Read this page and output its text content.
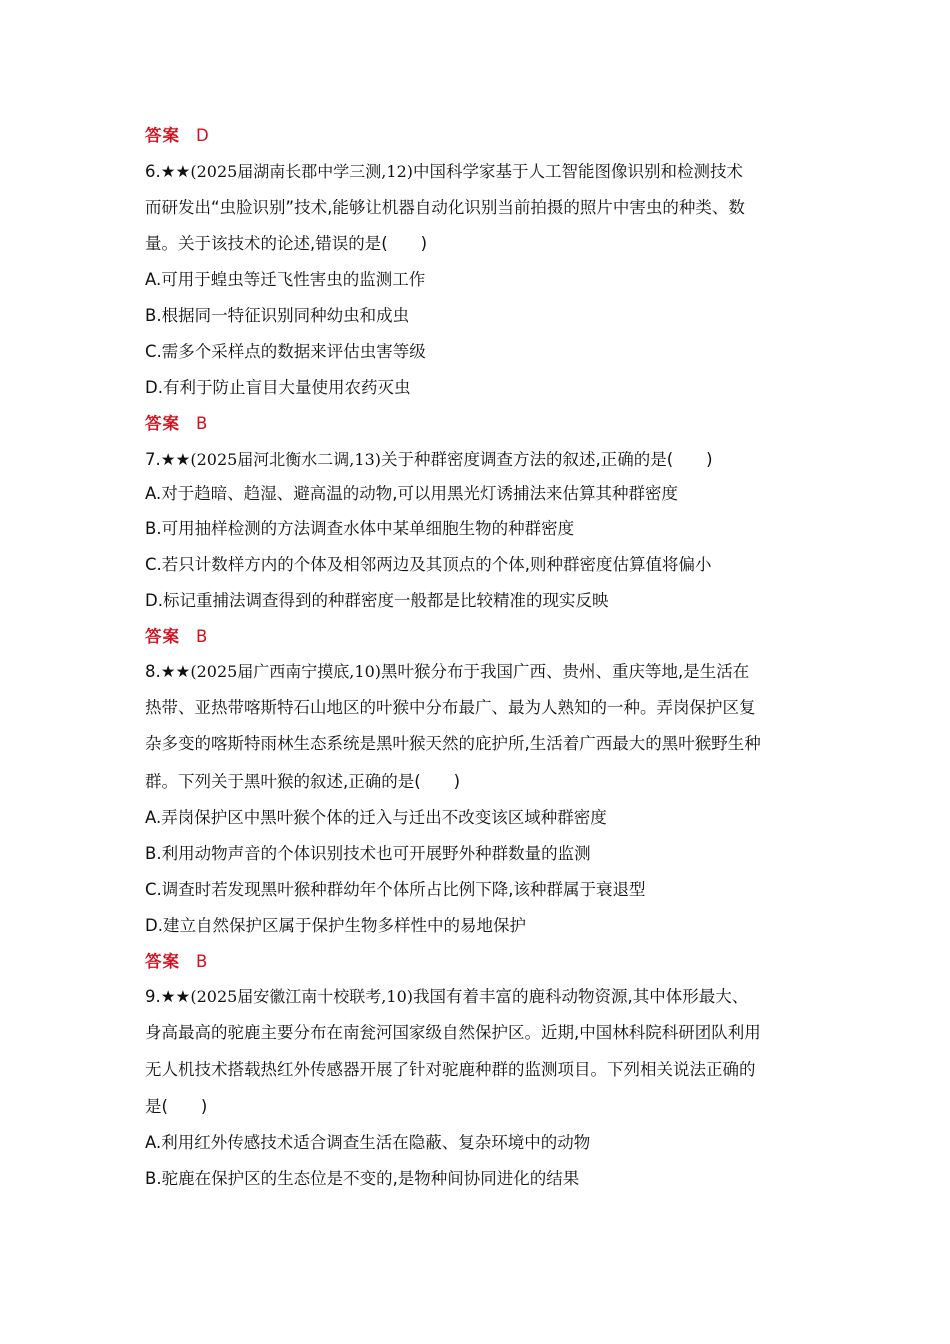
答案 D
6.★★(2025届湖南长郡中学三测,12)中国科学家基于人工智能图像识别和检测技术
而研发出“虫脸识别”技术,能够让机器自动化识别当前拍摄的照片中害虫的种类、数
量。关于该技术的论述,错误的是(　　)
A.可用于蝗虫等迁飞性害虫的监测工作
B.根据同一特征识别同种幼虫和成虫
C.需多个采样点的数据来评估虫害等级
D.有利于防止盲目大量使用农药灭虫
答案 B
7.★★(2025届河北衡水二调,13)关于种群密度调查方法的叙述,正确的是(　　)
A.对于趋暗、趋湿、避高温的动物,可以用黑光灯诱捕法来估算其种群密度
B.可用抽样检测的方法调查水体中某单细胞生物的种群密度
C.若只计数样方内的个体及相邻两边及其顶点的个体,则种群密度估算值将偏小
D.标记重捕法调查得到的种群密度一般都是比较精准的现实反映
答案 B
8.★★(2025届广西南宁摸底,10)黑叶猴分布于我国广西、贵州、重庆等地,是生活在
热带、亚热带喀斯特石山地区的叶猴中分布最广、最为人熟知的一种。弄岗保护区复
杂多变的喀斯特雨林生态系统是黑叶猴天然的庇护所,生活着广西最大的黑叶猴野生种
群。下列关于黑叶猴的叙述,正确的是(　　)
A.弄岗保护区中黑叶猴个体的迁入与迁出不改变该区域种群密度
B.利用动物声音的个体识别技术也可开展野外种群数量的监测
C.调查时若发现黑叶猴种群幼年个体所占比例下降,该种群属于衰退型
D.建立自然保护区属于保护生物多样性中的易地保护
答案 B
9.★★(2025届安徽江南十校联考,10)我国有着丰富的鹿科动物资源,其中体形最大、
身高最高的驼鹿主要分布在南瓮河国家级自然保护区。近期,中国林科院科研团队利用
无人机技术搭载热红外传感器开展了针对驼鹿种群的监测项目。下列相关说法正确的
是(　　)
A.利用红外传感技术适合调查生活在隐蔽、复杂环境中的动物
B.驼鹿在保护区的生态位是不变的,是物种间协同进化的结果
